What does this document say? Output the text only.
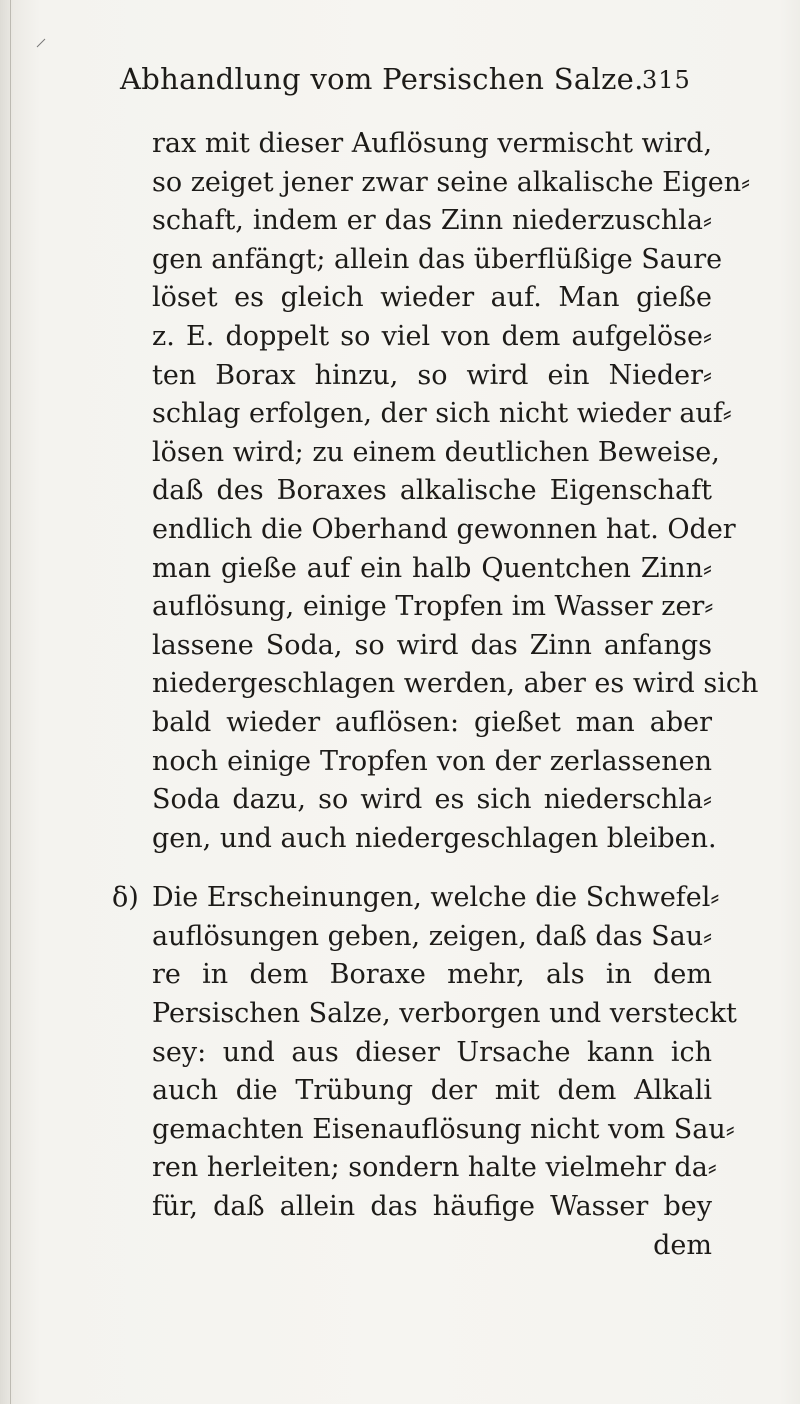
Abhandlung vom Persischen Salze.
315
rax mit dieser Auflösung vermischt wird,
so zeiget jener zwar seine alkalische Eigen⸗
schaft, indem er das Zinn niederzuschla⸗
gen anfängt; allein das überflüßige Saure
löset es gleich wieder auf. Man gieße
z. E. doppelt so viel von dem aufgelöse⸗
ten Borax hinzu, so wird ein Nieder⸗
schlag erfolgen, der sich nicht wieder auf⸗
lösen wird; zu einem deutlichen Beweise,
daß des Boraxes alkalische Eigenschaft
endlich die Oberhand gewonnen hat. Oder
man gieße auf ein halb Quentchen Zinn⸗
auflösung, einige Tropfen im Wasser zer⸗
lassene Soda, so wird das Zinn anfangs
niedergeschlagen werden, aber es wird sich
bald wieder auflösen: gießet man aber
noch einige Tropfen von der zerlassenen
Soda dazu, so wird es sich niederschla⸗
gen, und auch niedergeschlagen bleiben.
δ) Die Erscheinungen, welche die Schwefel⸗
auflösungen geben, zeigen, daß das Sau⸗
re in dem Boraxe mehr, als in dem
Persischen Salze, verborgen und versteckt
sey: und aus dieser Ursache kann ich
auch die Trübung der mit dem Alkali
gemachten Eisenauflösung nicht vom Sau⸗
ren herleiten; sondern halte vielmehr da⸗
für, daß allein das häufige Wasser bey
dem
